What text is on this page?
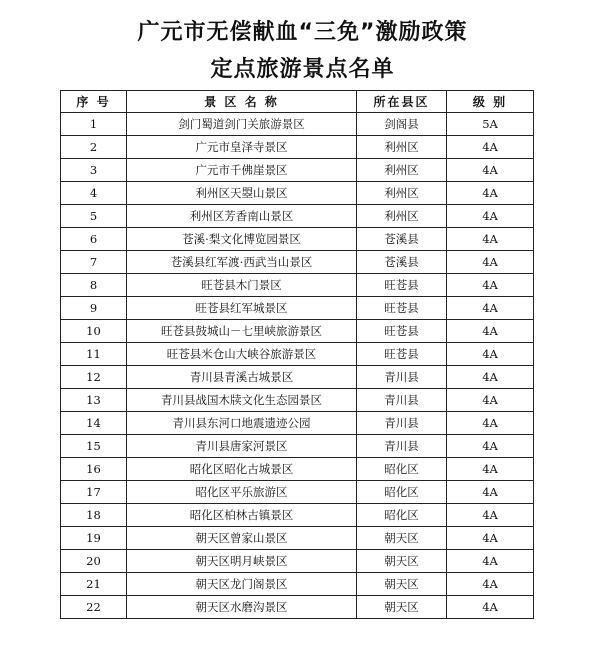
广元市无偿献血“三免”激励政策
定点旅游景点名单
序 号	景 区 名 称	所在县区	级 别
1	剑门蜀道剑门关旅游景区	剑阁县	5A
2	广元市皇泽寺景区	利州区	4A
3	广元市千佛崖景区	利州区	4A
4	利州区天曌山景区	利州区	4A
5	利州区芳香南山景区	利州区	4A
6	苍溪·梨文化博览园景区	苍溪县	4A
7	苍溪县红军渡·西武当山景区	苍溪县	4A
8	旺苍县木门景区	旺苍县	4A
9	旺苍县红军城景区	旺苍县	4A
10	旺苍县鼓城山－七里峡旅游景区	旺苍县	4A
11	旺苍县米仓山大峡谷旅游景区	旺苍县	4A
12	青川县青溪古城景区	青川县	4A
13	青川县战国木牍文化生态园景区	青川县	4A
14	青川县东河口地震遗迹公园	青川县	4A
15	青川县唐家河景区	青川县	4A
16	昭化区昭化古城景区	昭化区	4A
17	昭化区平乐旅游区	昭化区	4A
18	昭化区柏林古镇景区	昭化区	4A
19	朝天区曾家山景区	朝天区	4A
20	朝天区明月峡景区	朝天区	4A
21	朝天区龙门阁景区	朝天区	4A
22	朝天区水磨沟景区	朝天区	4A
